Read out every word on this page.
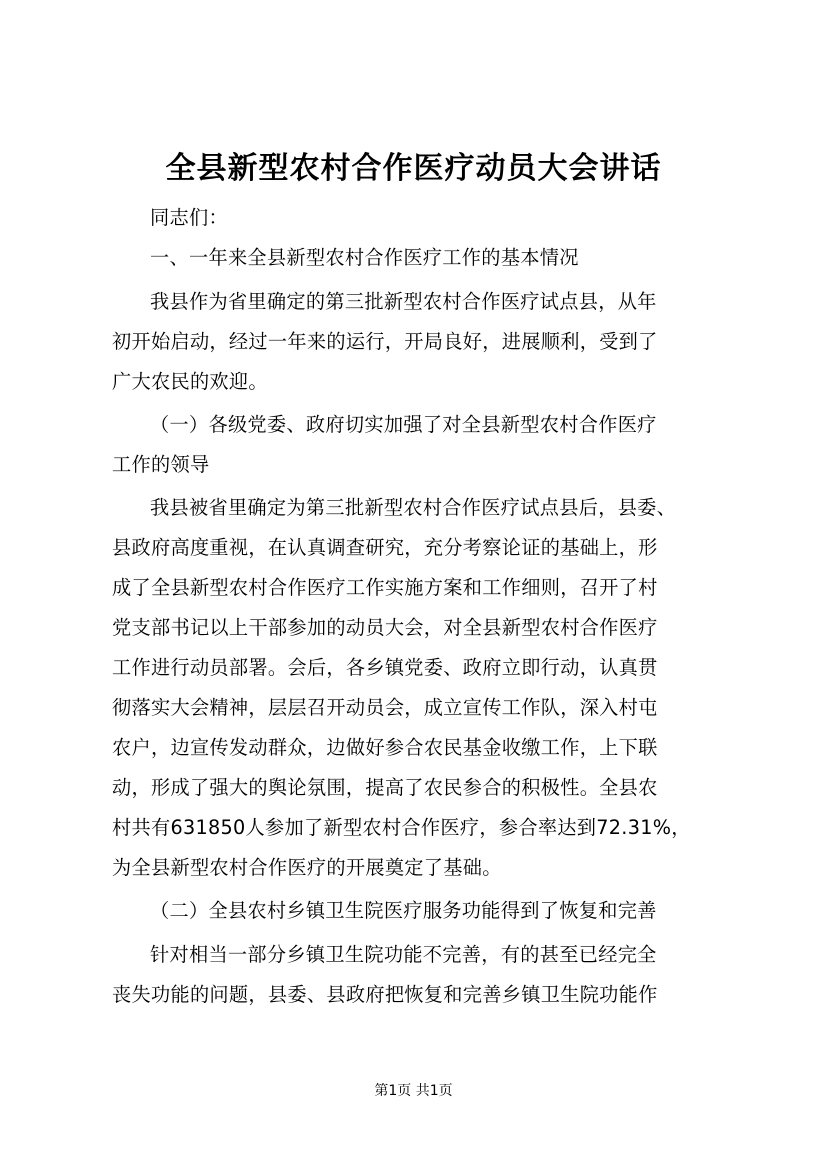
全县新型农村合作医疗动员大会讲话
同志们：
一、一年来全县新型农村合作医疗工作的基本情况
我县作为省里确定的第三批新型农村合作医疗试点县，从年
初开始启动，经过一年来的运行，开局良好，进展顺利，受到了
广大农民的欢迎。
（一）各级党委、政府切实加强了对全县新型农村合作医疗
工作的领导
我县被省里确定为第三批新型农村合作医疗试点县后，县委、
县政府高度重视，在认真调查研究，充分考察论证的基础上，形
成了全县新型农村合作医疗工作实施方案和工作细则，召开了村
党支部书记以上干部参加的动员大会，对全县新型农村合作医疗
工作进行动员部署。会后，各乡镇党委、政府立即行动，认真贯
彻落实大会精神，层层召开动员会，成立宣传工作队，深入村屯
农户，边宣传发动群众，边做好参合农民基金收缴工作，上下联
动，形成了强大的舆论氛围，提高了农民参合的积极性。全县农
村共有631850人参加了新型农村合作医疗，参合率达到72.31%，
为全县新型农村合作医疗的开展奠定了基础。
（二）全县农村乡镇卫生院医疗服务功能得到了恢复和完善
针对相当一部分乡镇卫生院功能不完善，有的甚至已经完全
丧失功能的问题，县委、县政府把恢复和完善乡镇卫生院功能作
第1页 共1页
